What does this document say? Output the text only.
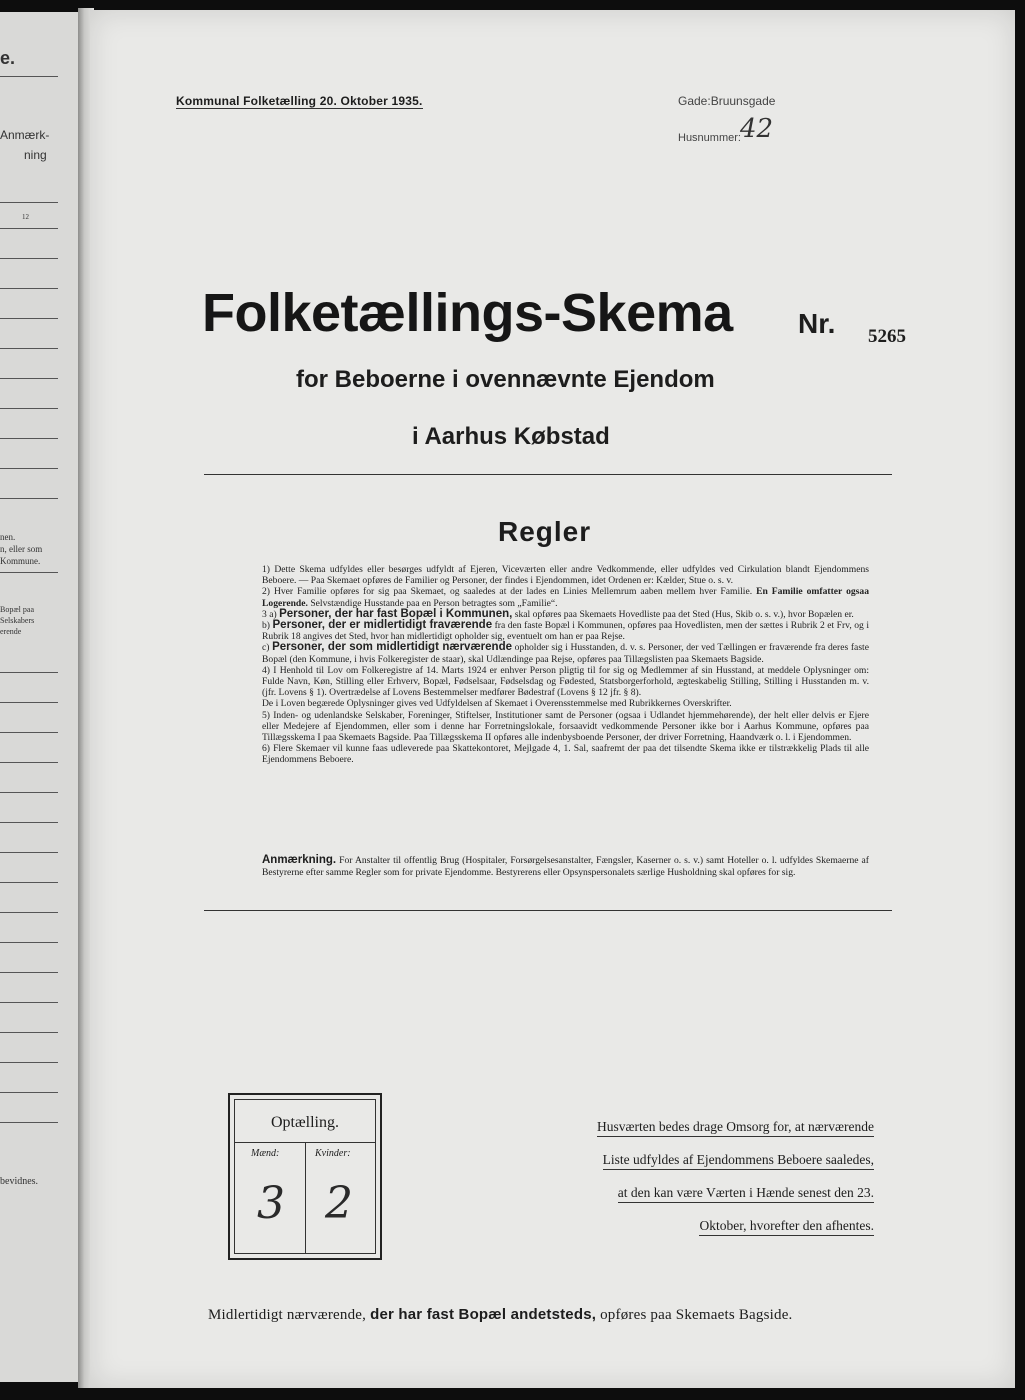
e.
Anmærk-
ning
12
nen.
n, eller som
Kommune.
Bopæl paa
Selskabers
erende
bevidnes.
Kommunal Folketælling 20. Oktober 1935.	Gade:Bruunsgade
Husnummer: 42
Folketællings-Skema Nr. 5265
for Beboerne i ovennævnte Ejendom
i Aarhus Købstad
Regler

1) Dette Skema udfyldes eller besørges udfyldt af Ejeren, Viceværten eller andre Vedkommende, eller udfyldes ved Cirkulation blandt Ejendommens Beboere. — Paa Skemaet opføres de Familier og Personer, der findes i Ejendommen, idet Ordenen er: Kælder, Stue o. s. v.

2) Hver Familie opføres for sig paa Skemaet, og saaledes at der lades en Linies Mellemrum aaben mellem hver Familie. En Familie omfatter ogsaa Logerende. Selvstændige Husstande paa en Person betragtes som „Familie“.

3 a) Personer, der har fast Bopæl i Kommunen, skal opføres paa Skemaets Hovedliste paa det Sted (Hus, Skib o. s. v.), hvor Bopælen er.

b) Personer, der er midlertidigt fraværende fra den faste Bopæl i Kommunen, opføres paa Hovedlisten, men der sættes i Rubrik 2 et Frv, og i Rubrik 18 angives det Sted, hvor han midlertidigt opholder sig, eventuelt om han er paa Rejse.

c) Personer, der som midlertidigt nærværende opholder sig i Husstanden, d. v. s. Personer, der ved Tællingen er fraværende fra deres faste Bopæl (den Kommune, i hvis Folkeregister de staar), skal Udlændinge paa Rejse, opføres paa Tillægslisten paa Skemaets Bagside.

4) I Henhold til Lov om Folkeregistre af 14. Marts 1924 er enhver Person pligtig til for sig og Medlemmer af sin Husstand, at meddele Oplysninger om: Fulde Navn, Køn, Stilling eller Erhverv, Bopæl, Fødselsaar, Fødselsdag og Fødested, Statsborgerforhold, ægteskabelig Stilling, Stilling i Husstanden m. v. (jfr. Lovens § 1). Overtrædelse af Lovens Bestemmelser medfører Bødestraf (Lovens § 12 jfr. § 8).

De i Loven begærede Oplysninger gives ved Udfyldelsen af Skemaet i Overensstemmelse med Rubrikkernes Overskrifter.

5) Inden- og udenlandske Selskaber, Foreninger, Stiftelser, Institutioner samt de Personer (ogsaa i Udlandet hjemmehørende), der helt eller delvis er Ejere eller Medejere af Ejendommen, eller som i denne har Forretningslokale, forsaavidt vedkommende Personer ikke bor i Aarhus Kommune, opføres paa Tillægsskema I paa Skemaets Bagside. Paa Tillægsskema II opføres alle indenbysboende Personer, der driver Forretning, Haandværk o. l. i Ejendommen.

6) Flere Skemaer vil kunne faas udleverede paa Skattekontoret, Mejlgade 4, 1. Sal, saafremt der paa det tilsendte Skema ikke er tilstrækkelig Plads til alle Ejendommens Beboere.

Anmærkning. For Anstalter til offentlig Brug (Hospitaler, Forsørgelsesanstalter, Fængsler, Kaserner o. s. v.) samt Hoteller o. l. udfyldes Skemaerne af Bestyrerne efter samme Regler som for private Ejendomme. Bestyrerens eller Opsynspersonalets særlige Husholdning skal opføres for sig.
Optælling.
Mænd:	Kvinder:
3 2
Husværten bedes drage Omsorg for, at nærværende
Liste udfyldes af Ejendommens Beboere saaledes,
at den kan være Værten i Hænde senest den 23.
Oktober, hvorefter den afhentes.
Midlertidigt nærværende, der har fast Bopæl andetsteds, opføres paa Skemaets Bagside.
